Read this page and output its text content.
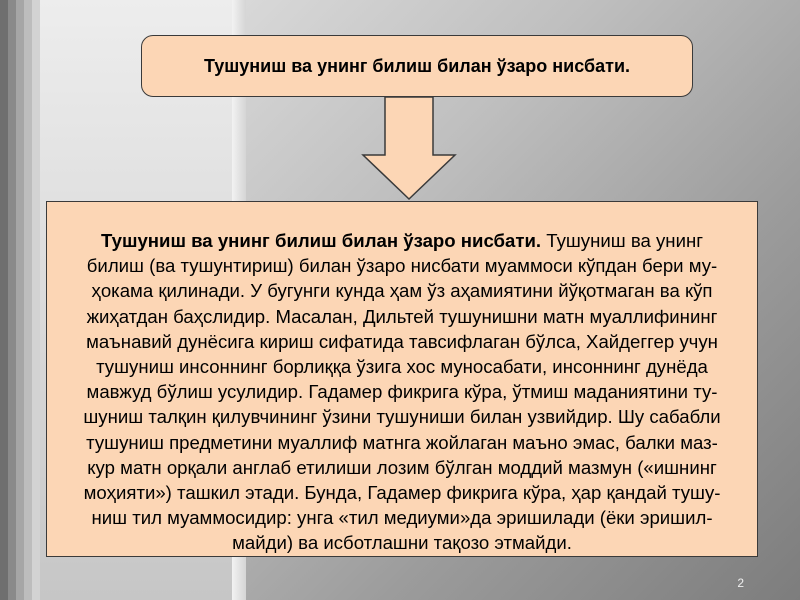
Тушуниш ва унинг билиш билан ўзаро нисбати.
Тушуниш ва унинг билиш билан ўзаро нисбати. Тушуниш ва унинг
билиш (ва тушунтириш) билан ўзаро нисбати муаммоси кўпдан бери му-
ҳокама қилинади. У бугунги кунда ҳам ўз аҳамиятини йўқотмаган ва кўп
жиҳатдан баҳслидир. Масалан, Дильтей тушунишни матн муаллифининг
маънавий дунёсига кириш сифатида тавсифлаган бўлса, Хайдеггер учун
тушуниш инсоннинг борлиққа ўзига хос муносабати, инсоннинг дунёда
мавжуд бўлиш усулидир. Гадамер фикрига кўра, ўтмиш маданиятини ту-
шуниш талқин қилувчининг ўзини тушуниши билан узвийдир. Шу сабабли
тушуниш предметини муаллиф матнга жойлаган маъно эмас, балки маз-
кур матн орқали англаб етилиши лозим бўлган моддий мазмун («ишнинг
моҳияти») ташкил этади. Бунда, Гадамер фикрига кўра, ҳар қандай тушу-
ниш тил муаммосидир: унга «тил медиуми»да эришилади (ёки эришил-
майди) ва исботлашни тақозо этмайди.
2
